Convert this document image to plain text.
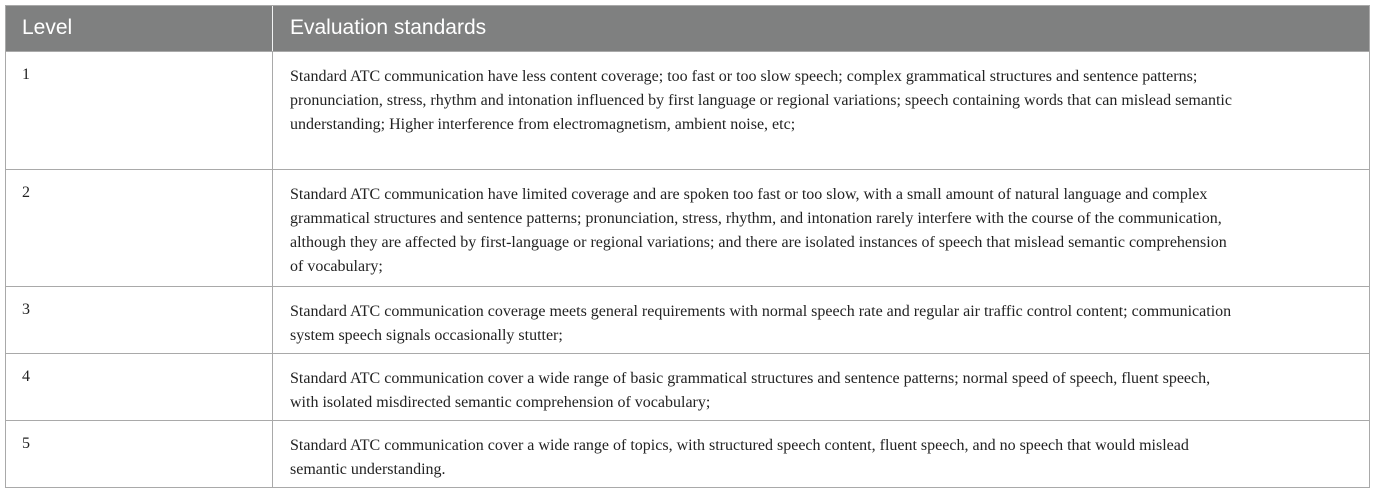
Level	Evaluation standards
1	Standard ATC communication have less content coverage; too fast or too slow speech; complex grammatical structures and sentence patterns; pronunciation, stress, rhythm and intonation influenced by first language or regional variations; speech containing words that can mislead semantic understanding; Higher interference from electromagnetism, ambient noise, etc;
2	Standard ATC communication have limited coverage and are spoken too fast or too slow, with a small amount of natural language and complex grammatical structures and sentence patterns; pronunciation, stress, rhythm, and intonation rarely interfere with the course of the communication, although they are affected by first-language or regional variations; and there are isolated instances of speech that mislead semantic comprehension of vocabulary;
3	Standard ATC communication coverage meets general requirements with normal speech rate and regular air traffic control content; communication system speech signals occasionally stutter;
4	Standard ATC communication cover a wide range of basic grammatical structures and sentence patterns; normal speed of speech, fluent speech, with isolated misdirected semantic comprehension of vocabulary;
5	Standard ATC communication cover a wide range of topics, with structured speech content, fluent speech, and no speech that would mislead semantic understanding.
